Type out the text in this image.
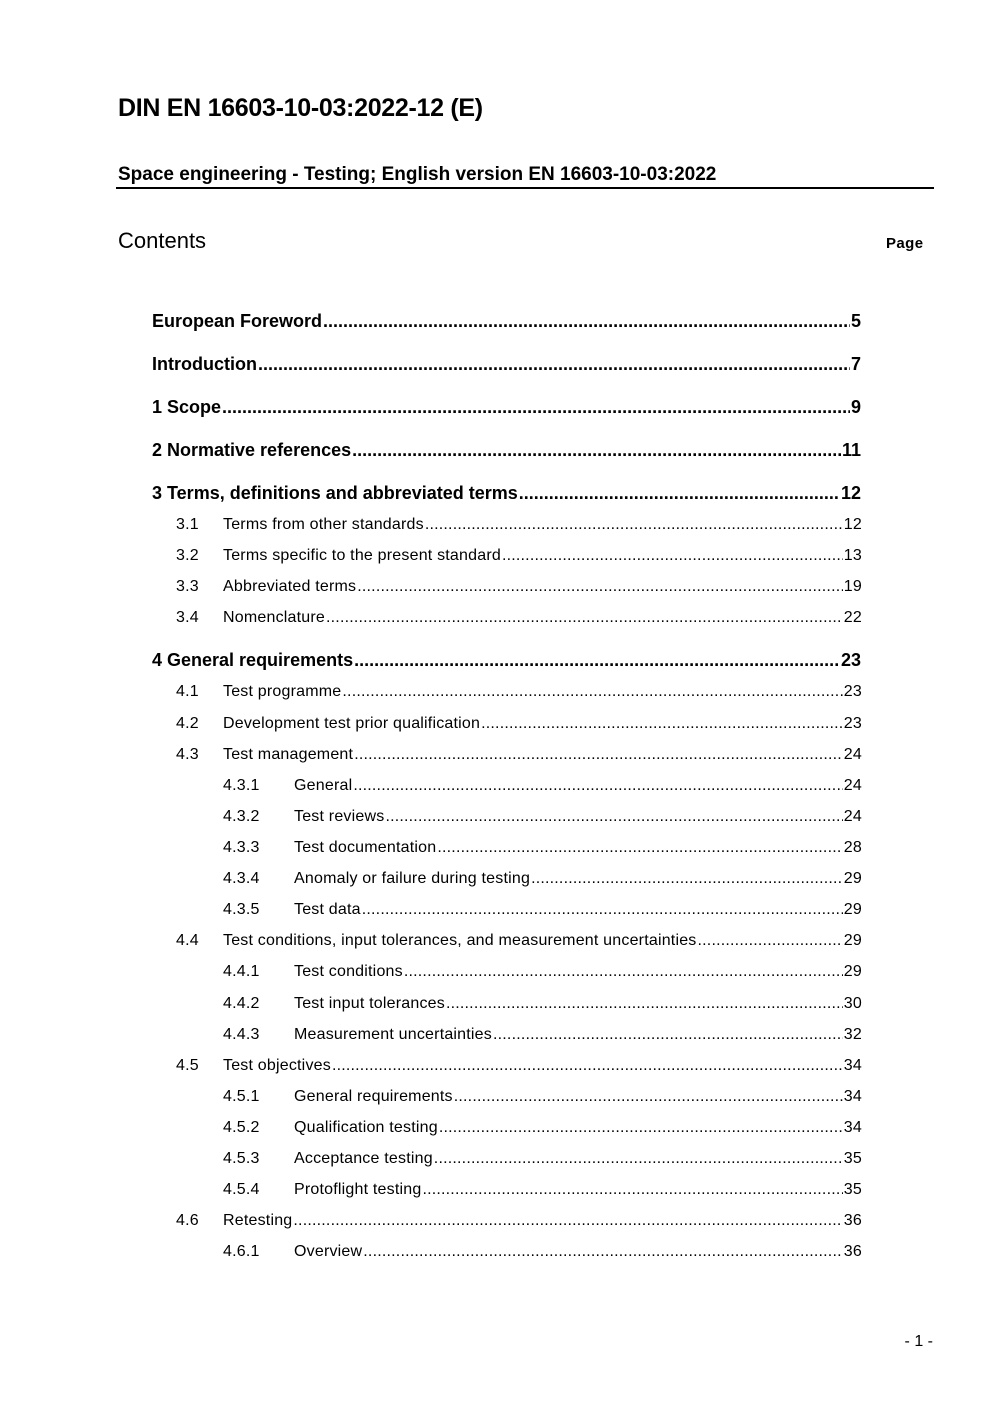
DIN EN 16603-10-03:2022-12 (E)
Space engineering - Testing; English version EN 16603-10-03:2022
Contents	Page
European Foreword .....	5
Introduction .....	7
1 Scope .....	9
2 Normative references .....	11
3 Terms, definitions and abbreviated terms .....	12
3.1	Terms from other standards .....	12
3.2	Terms specific to the present standard .....	13
3.3	Abbreviated terms .....	19
3.4	Nomenclature .....	22
4 General requirements .....	23
4.1	Test programme .....	23
4.2	Development test prior qualification .....	23
4.3	Test management .....	24
4.3.1	General .....	24
4.3.2	Test reviews .....	24
4.3.3	Test documentation .....	28
4.3.4	Anomaly or failure during testing .....	29
4.3.5	Test data .....	29
4.4	Test conditions, input tolerances, and measurement uncertainties .....	29
4.4.1	Test conditions .....	29
4.4.2	Test input tolerances .....	30
4.4.3	Measurement uncertainties .....	32
4.5	Test objectives .....	34
4.5.1	General requirements .....	34
4.5.2	Qualification testing .....	34
4.5.3	Acceptance testing .....	35
4.5.4	Protoflight testing .....	35
4.6	Retesting .....	36
4.6.1	Overview .....	36
- 1 -
